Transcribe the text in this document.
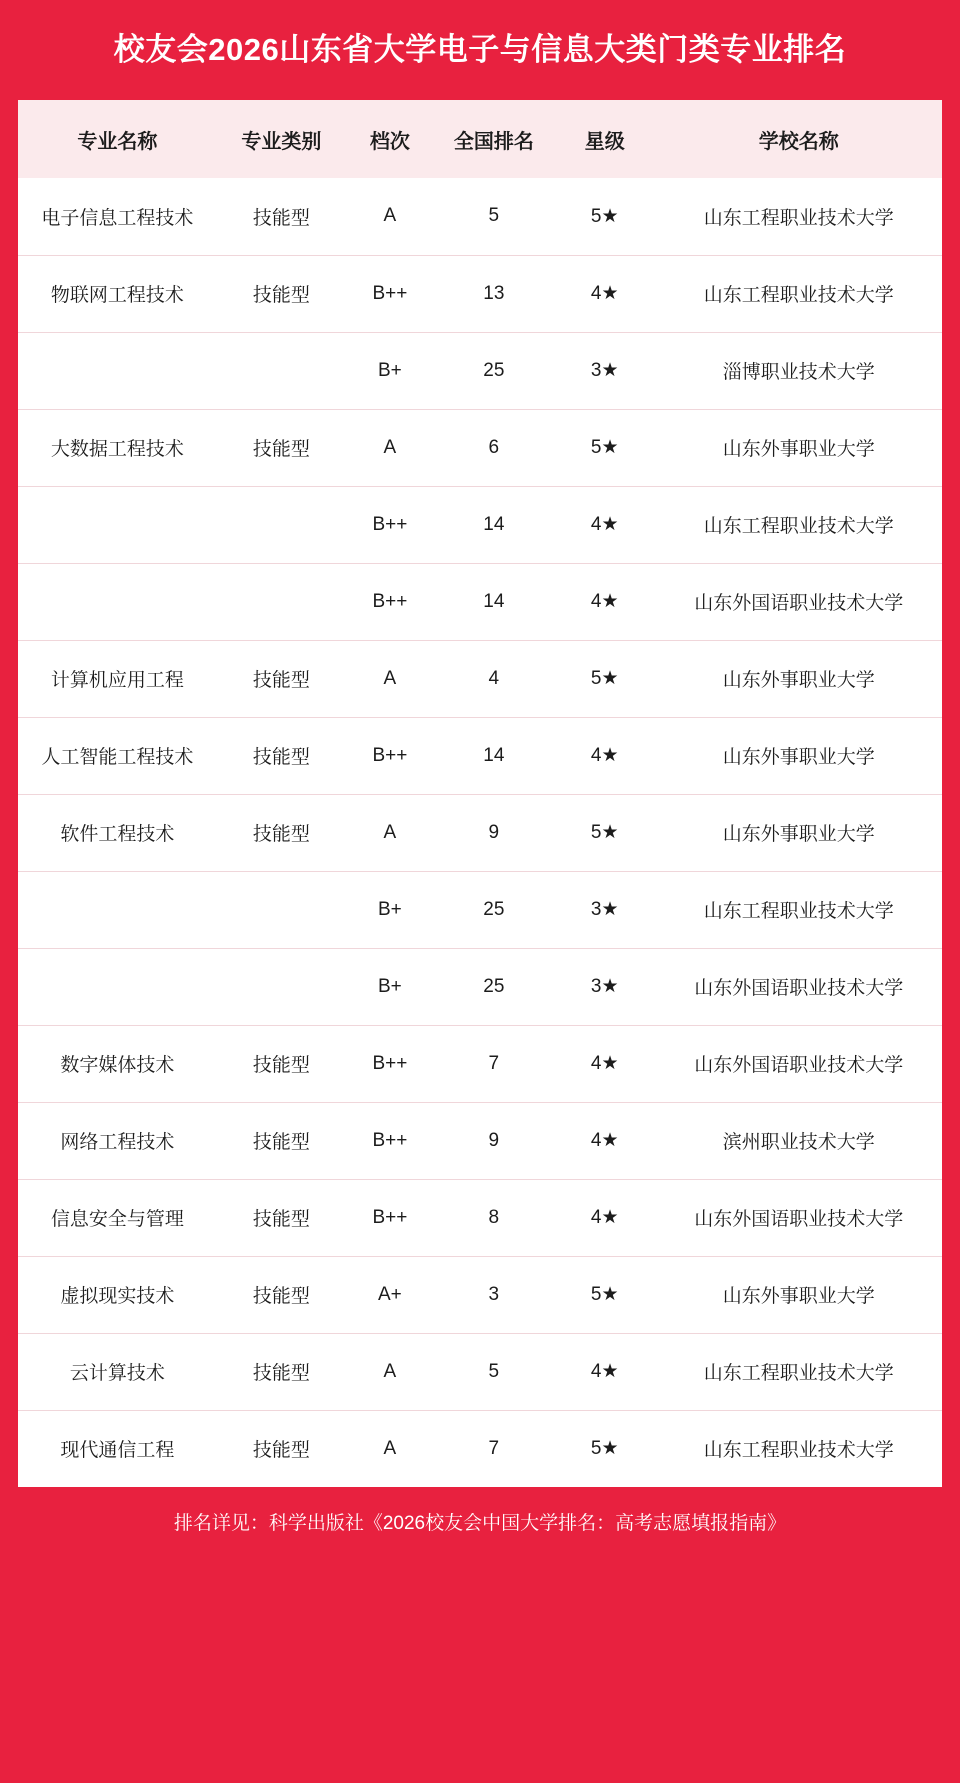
校友会2026山东省大学电子与信息大类门类专业排名
专业名称	专业类别	档次	全国排名	星级	学校名称
电子信息工程技术	技能型	A	5	5★	山东工程职业技术大学
物联网工程技术	技能型	B++	13	4★	山东工程职业技术大学
		B+	25	3★	淄博职业技术大学
大数据工程技术	技能型	A	6	5★	山东外事职业大学
		B++	14	4★	山东工程职业技术大学
		B++	14	4★	山东外国语职业技术大学
计算机应用工程	技能型	A	4	5★	山东外事职业大学
人工智能工程技术	技能型	B++	14	4★	山东外事职业大学
软件工程技术	技能型	A	9	5★	山东外事职业大学
		B+	25	3★	山东工程职业技术大学
		B+	25	3★	山东外国语职业技术大学
数字媒体技术	技能型	B++	7	4★	山东外国语职业技术大学
网络工程技术	技能型	B++	9	4★	滨州职业技术大学
信息安全与管理	技能型	B++	8	4★	山东外国语职业技术大学
虚拟现实技术	技能型	A+	3	5★	山东外事职业大学
云计算技术	技能型	A	5	4★	山东工程职业技术大学
现代通信工程	技能型	A	7	5★	山东工程职业技术大学
排名详见：科学出版社《2026校友会中国大学排名：高考志愿填报指南》
